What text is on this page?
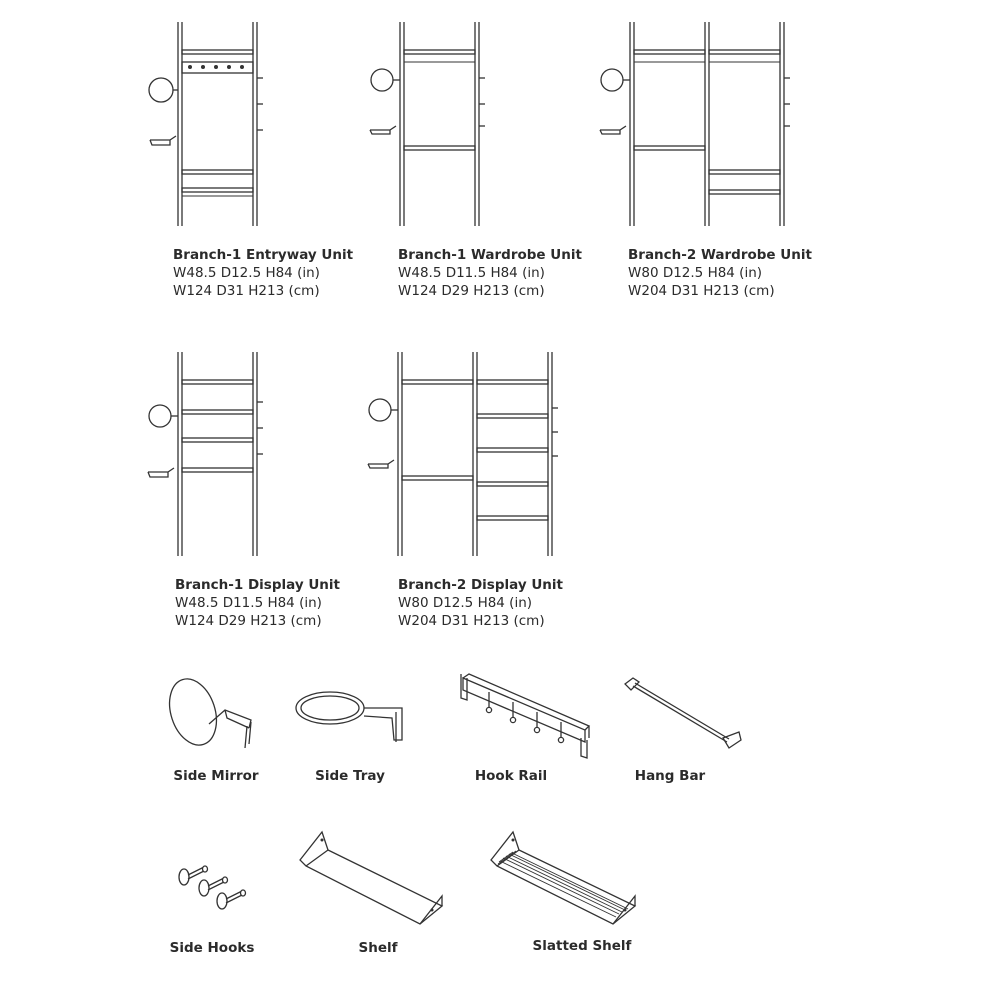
Branch-1 Entryway Unit
W48.5 D12.5 H84 (in)
W124 D31 H213 (cm)
Branch-1 Wardrobe Unit
W48.5 D11.5 H84 (in)
W124 D29 H213 (cm)
Branch-2 Wardrobe Unit
W80 D12.5 H84 (in)
W204 D31 H213 (cm)
Branch-1 Display Unit
W48.5 D11.5 H84 (in)
W124 D29 H213 (cm)
Branch-2 Display Unit
W80 D12.5 H84 (in)
W204 D31 H213 (cm)
Side Mirror	Side Tray	Hook Rail	Hang Bar
Side Hooks	Shelf	Slatted Shelf
